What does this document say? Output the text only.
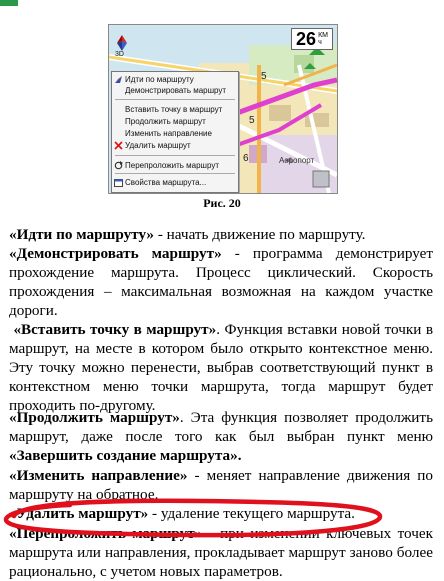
3D
26 КМ
ч
5
5
6	Аэропорт
Идти по маршруту
Демонстрировать маршрут
Вставить точку в маршрут
Продолжить маршрут
Изменить направление
Удалить маршрут
Перепроложить маршрут
Свойства маршрута...
Рис. 20

«Идти по маршруту» - начать движение по маршруту.

«Демонстрировать маршрут» - программа демонстрирует прохождение маршрута. Процесс циклический. Скорость прохождения – максимальная возможная на каждом участке дороги.

«Вставить точку в маршрут». Функция вставки новой точки в маршрут, на месте в котором было открыто контекстное меню. Эту точку можно перенести, выбрав соответствующий пункт в контекстном меню точки маршрута, тогда маршрут будет проходить по-другому.

«Продолжить маршрут». Эта функция позволяет продолжить маршрут, даже после того как был выбран пункт меню «Завершить создание маршрута».

«Изменить направление» - меняет направление движения по маршруту на обратное.

«Удалить маршрут» - удаление текущего маршрута.

«Перепроложить маршрут» - при изменении ключевых точек маршрута или направления, прокладывает маршрут заново более рационально, с учетом новых параметров.
